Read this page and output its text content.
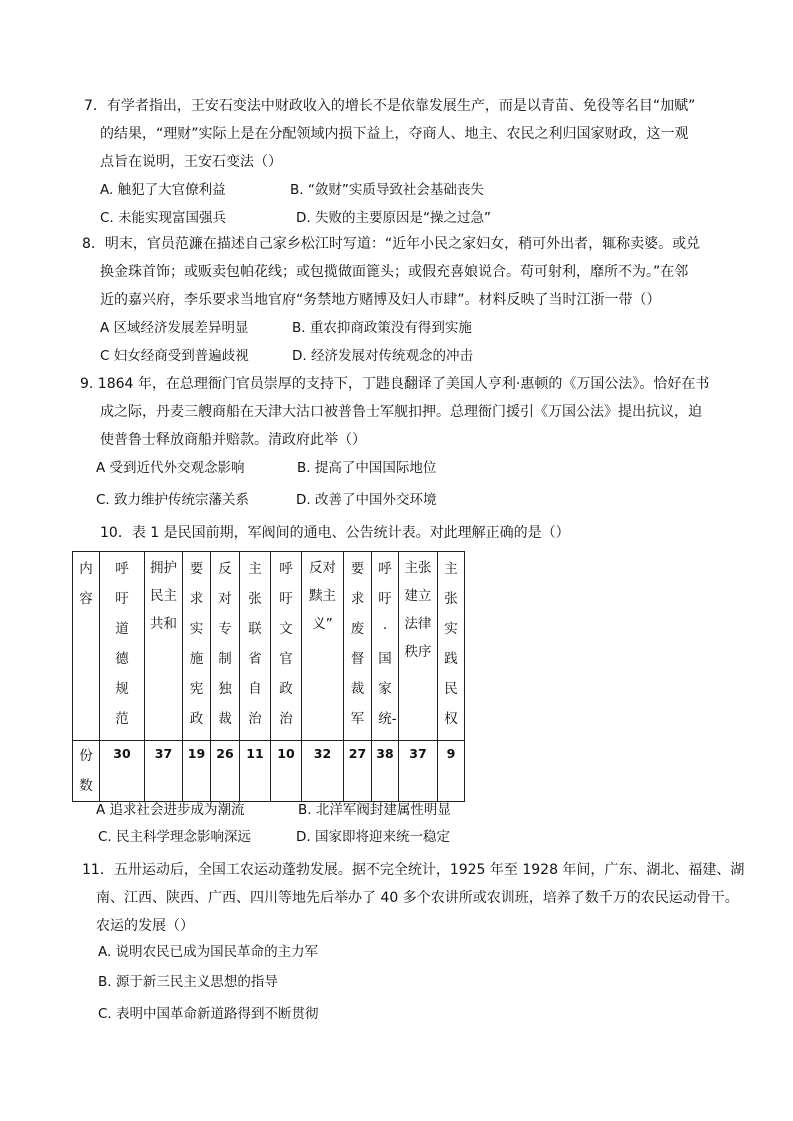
7．有学者指出，王安石变法中财政收入的增长不是依靠发展生产，而是以青苗、免役等名目“加赋”
的结果，“理财”实际上是在分配领域内损下益上，夺商人、地主、农民之利归国家财政，这一观
点旨在说明，王安石变法（）
A. 触犯了大官僚利益	B. “敛财”实质导致社会基础丧失
C. 未能实现富国强兵	D. 失败的主要原因是“操之过急”
8．明末，官员范濂在描述自己家乡松江时写道：“近年小民之家妇女，稍可外出者，辄称卖婆。或兑
换金珠首饰；或贩卖包帕花线；或包揽做面篦头；或假充喜娘说合。苟可射利，靡所不为。”在邻
近的嘉兴府，李乐要求当地官府“务禁地方赌博及妇人市肆”。材料反映了当时江浙一带（）
A 区域经济发展差异明显	B. 重农抑商政策没有得到实施
C 妇女经商受到普遍歧视	D. 经济发展对传统观念的冲击
9. 1864 年，在总理衙门官员崇厚的支持下，丁韪良翻译了美国人亨利·惠顿的《万国公法》。恰好在书
成之际，丹麦三艘商船在天津大沽口被普鲁士军舰扣押。总理衙门援引《万国公法》提出抗议，迫
使普鲁士释放商船并赔款。清政府此举（）
A 受到近代外交观念影响	B. 提高了中国国际地位
C. 致力维护传统宗藩关系	D. 改善了中国外交环境
10．表 1 是民国前期，军阀间的通电、公告统计表。对此理解正确的是（）
内容	呼吁道德规范	拥护民主共和	要求实施宪政	反对专制独裁	主张联省自治	呼吁文官政治	反对黩主义”	要求废督裁军	呼吁·国家统-	主张建立法律秩序	主张实践民权
份数	30	37	19	26	11	10	32	27	38	37	9
A 追求社会进步成为潮流	B. 北洋军阀封建属性明显
C. 民主科学理念影响深远	D. 国家即将迎来统一稳定
11．五卅运动后，全国工农运动蓬勃发展。据不完全统计，1925 年至 1928 年间，广东、湖北、福建、湖
南、江西、陕西、广西、四川等地先后举办了 40 多个农讲所或农训班，培养了数千万的农民运动骨干。
农运的发展（）
A. 说明农民已成为国民革命的主力军
B. 源于新三民主义思想的指导
C. 表明中国革命新道路得到不断贯彻
